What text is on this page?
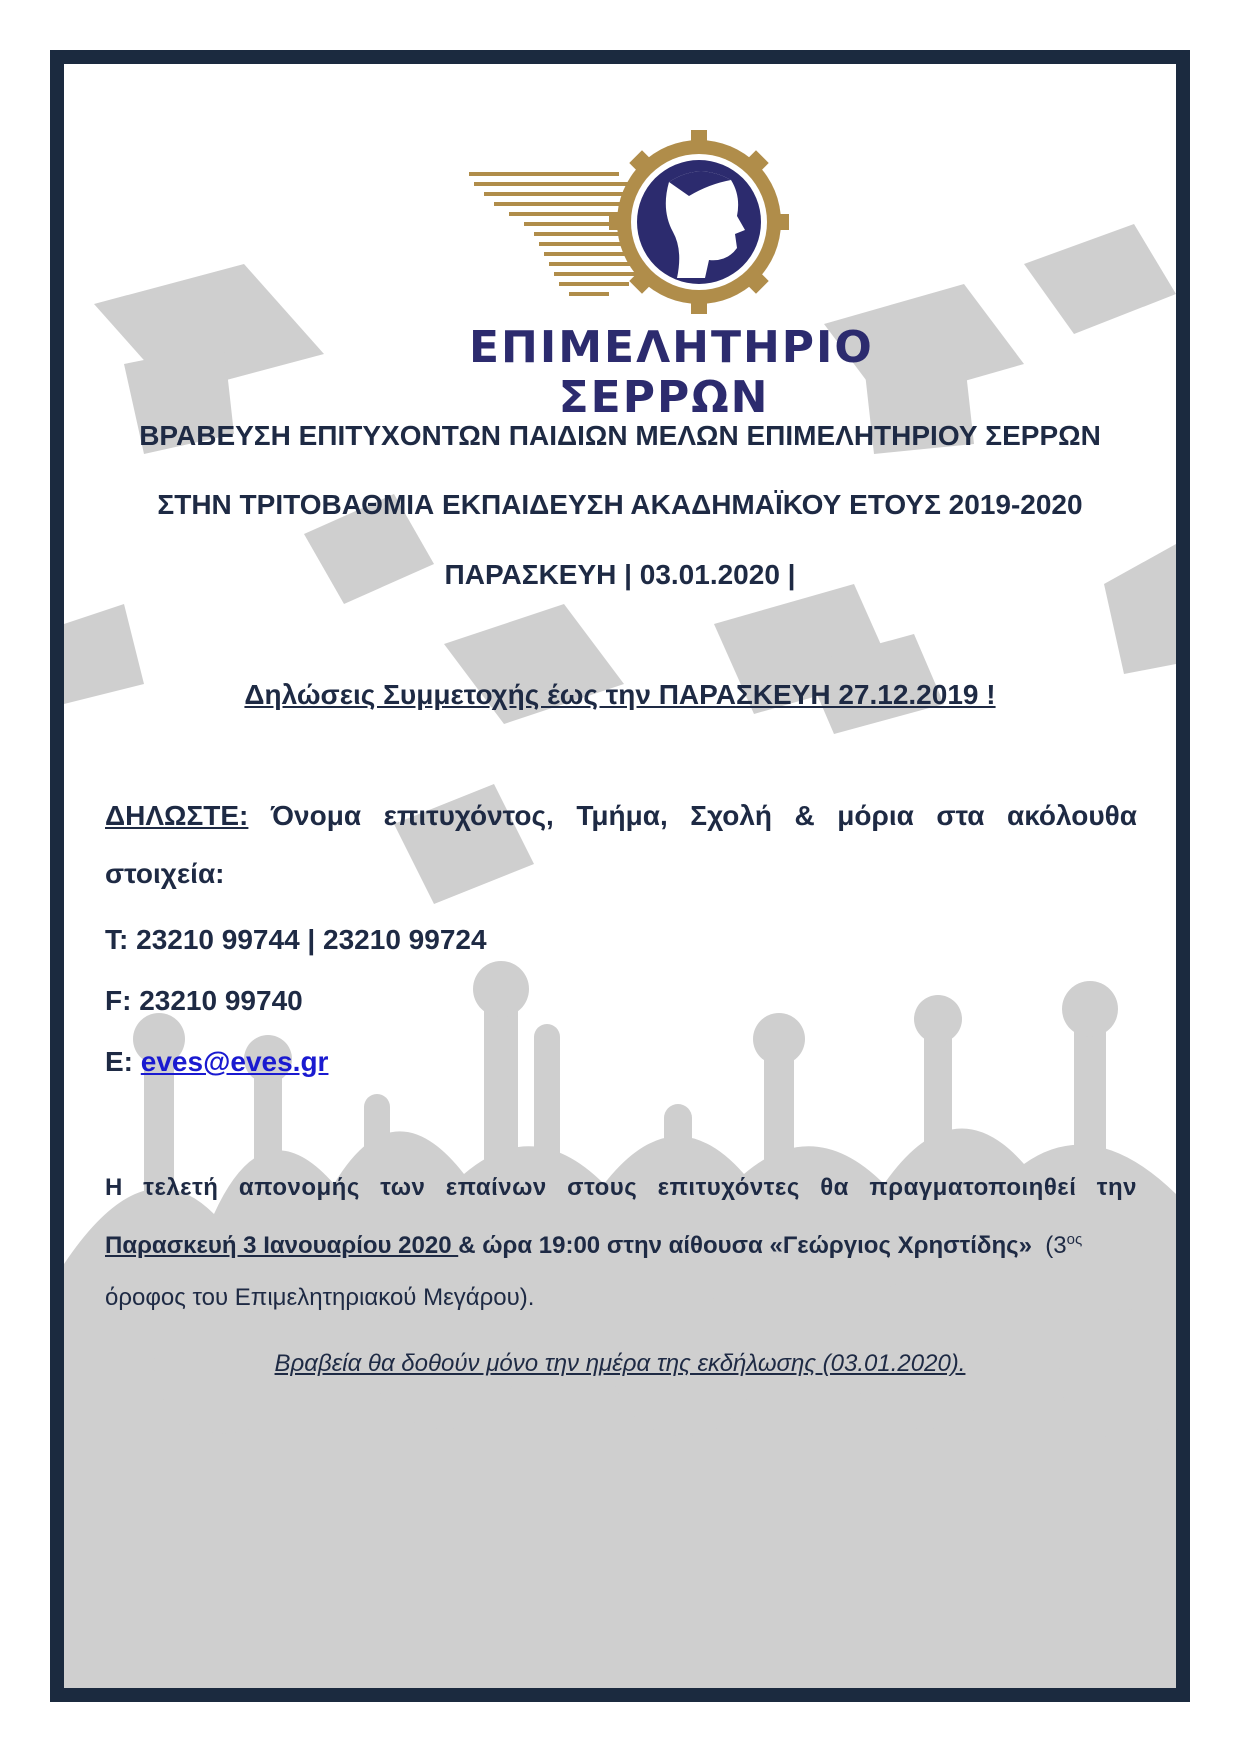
ΕΠΙΜΕΛΗΤΗΡΙΟ
ΣΕΡΡΩΝ
ΒΡΑΒΕΥΣΗ ΕΠΙΤΥΧΟΝΤΩΝ ΠΑΙΔΙΩΝ ΜΕΛΩΝ ΕΠΙΜΕΛΗΤΗΡΙΟΥ ΣΕΡΡΩΝ
ΣΤΗΝ ΤΡΙΤΟΒΑΘΜΙΑ ΕΚΠΑΙΔΕΥΣΗ ΑΚΑΔΗΜΑΪΚΟΥ ΕΤΟΥΣ 2019-2020
ΠΑΡΑΣΚΕΥΗ | 03.01.2020 |
Δηλώσεις Συμμετοχής έως την ΠΑΡΑΣΚΕΥΗ 27.12.2019 !
ΔΗΛΩΣΤΕ: Όνομα επιτυχόντος, Τμήμα, Σχολή & μόρια στα ακόλουθα στοιχεία:
Τ: 23210 99744 | 23210 99724
F: 23210 99740
E: eves@eves.gr
Η τελετή απονομής των επαίνων στους επιτυχόντες θα πραγματοποιηθεί την
Παρασκευή 3 Ιανουαρίου 2020 & ώρα 19:00 στην αίθουσα «Γεώργιος Χρηστίδης» ($3^{o\varsigma}$
όροφος του Επιμελητηριακού Μεγάρου).
Βραβεία θα δοθούν μόνο την ημέρα της εκδήλωσης (03.01.2020).
